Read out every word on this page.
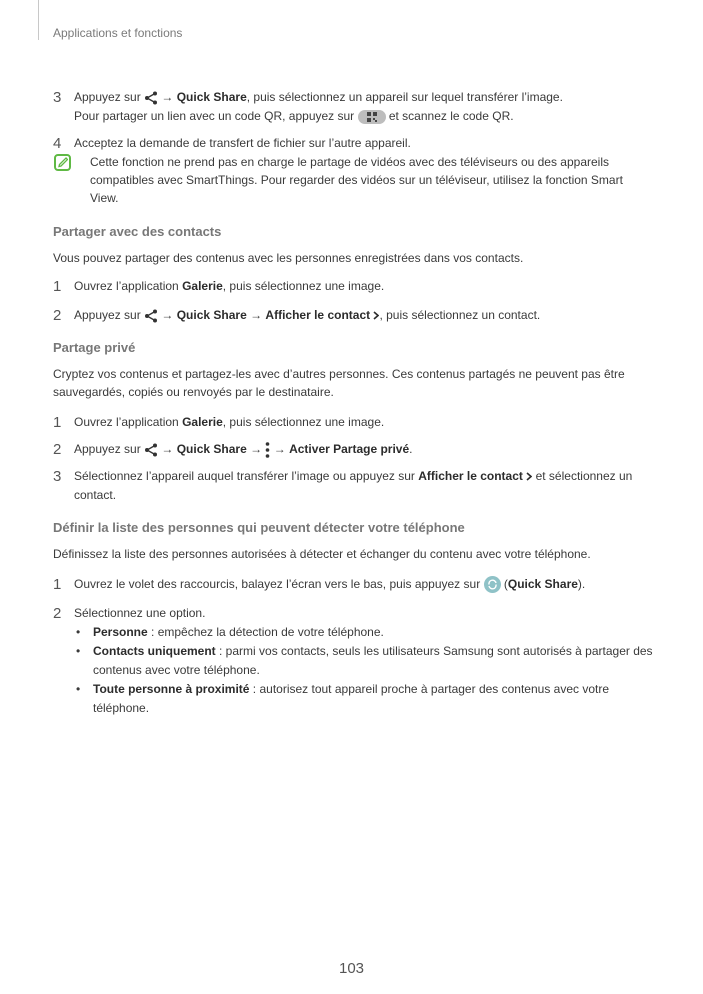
Applications et fonctions
3 Appuyez sur  → Quick Share, puis sélectionnez un appareil sur lequel transférer l’image.
Pour partager un lien avec un code QR, appuyez sur
et scannez le code QR.
4 Acceptez la demande de transfert de fichier sur l’autre appareil.
Cette fonction ne prend pas en charge le partage de vidéos avec des téléviseurs ou des appareils compatibles avec SmartThings. Pour regarder des vidéos sur un téléviseur, utilisez la fonction Smart View.
Partager avec des contacts
Vous pouvez partager des contenus avec les personnes enregistrées dans vos contacts.
1 Ouvrez l’application Galerie, puis sélectionnez une image.
2 Appuyez sur  → Quick Share → Afficher le contact , puis sélectionnez un contact.
Partage privé
Cryptez vos contenus et partagez-les avec d’autres personnes. Ces contenus partagés ne peuvent pas être sauvegardés, copiés ou renvoyés par le destinataire.
1 Ouvrez l’application Galerie, puis sélectionnez une image.
2 Appuyez sur  → Quick Share →  → Activer Partage privé.
3 Sélectionnez l’appareil auquel transférer l’image ou appuyez sur Afficher le contact  et sélectionnez un contact.
Définir la liste des personnes qui peuvent détecter votre téléphone
Définissez la liste des personnes autorisées à détecter et échanger du contenu avec votre téléphone.
1 Ouvrez le volet des raccourcis, balayez l’écran vers le bas, puis appuyez sur
(Quick Share).
2 Sélectionnez une option.
• Personne : empêchez la détection de votre téléphone.
• Contacts uniquement : parmi vos contacts, seuls les utilisateurs Samsung sont autorisés à partager des contenus avec votre téléphone.
• Toute personne à proximité : autorisez tout appareil proche à partager des contenus avec votre téléphone.
103
